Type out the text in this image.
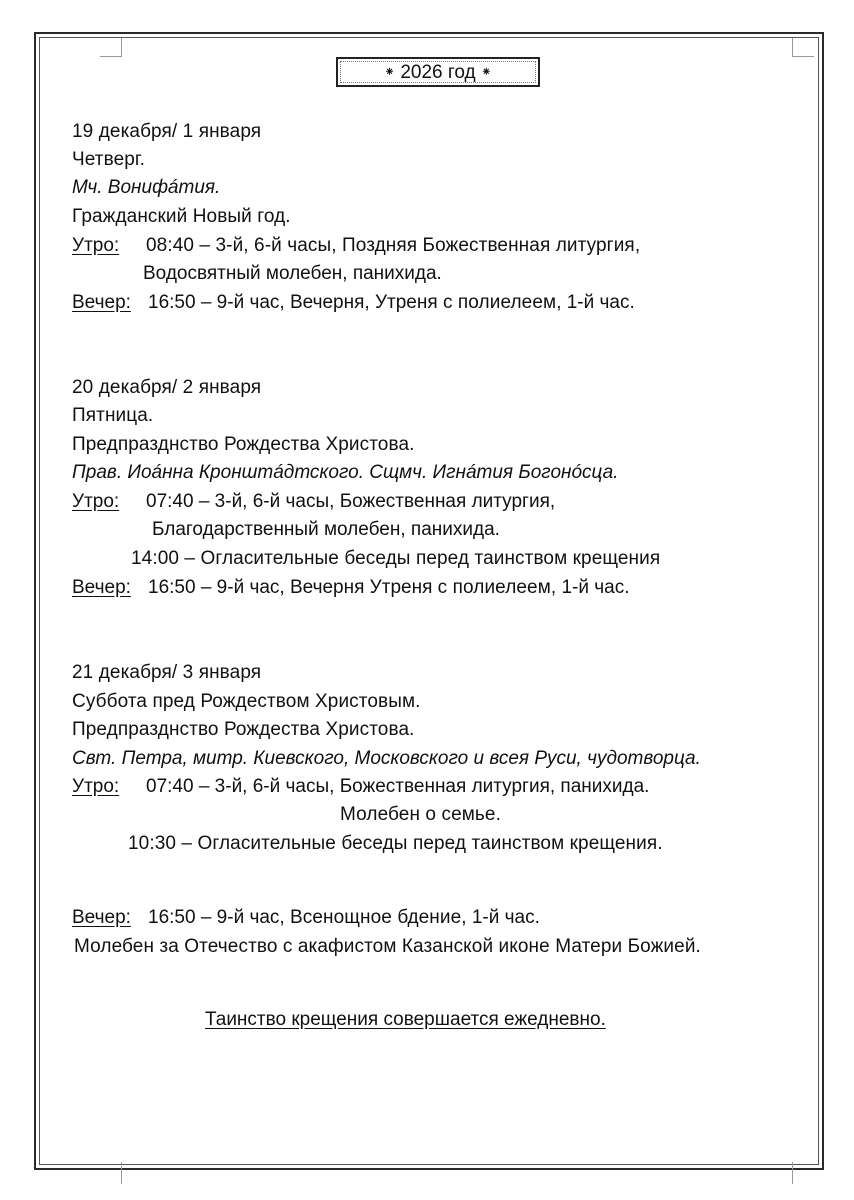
⁕ 2026 год ⁕
19 декабря/ 1 января
Четверг.
Мч. Вонифáтия.
Гражданский Новый год.
Утро: 08:40 – 3-й, 6-й часы, Поздняя Божественная литургия,
Водосвятный молебен, панихида.
Вечер: 16:50 – 9-й час, Вечерня, Утреня с полиелеем, 1-й час.
20 декабря/ 2 января
Пятница.
Предпразднство Рождества Христова.
Прав. Иоáнна Кронштáдтского. Сщмч. Игнáтия Богонóсца.
Утро: 07:40 – 3-й, 6-й часы, Божественная литургия,
Благодарственный молебен, панихида.
14:00 – Огласительные беседы перед таинством крещения
Вечер: 16:50 – 9-й час, Вечерня Утреня с полиелеем, 1-й час.
21 декабря/ 3 января
Суббота пред Рождеством Христовым.
Предпразднство Рождества Христова.
Свт. Петра, митр. Киевского, Московского и всея Руси, чудотворца.
Утро: 07:40 – 3-й, 6-й часы, Божественная литургия, панихида.
Молебен о семье.
10:30 – Огласительные беседы перед таинством крещения.
Вечер: 16:50 – 9-й час, Всенощное бдение, 1-й час.
Молебен за Отечество с акафистом Казанской иконе Матери Божией.
Таинство крещения совершается ежедневно.
